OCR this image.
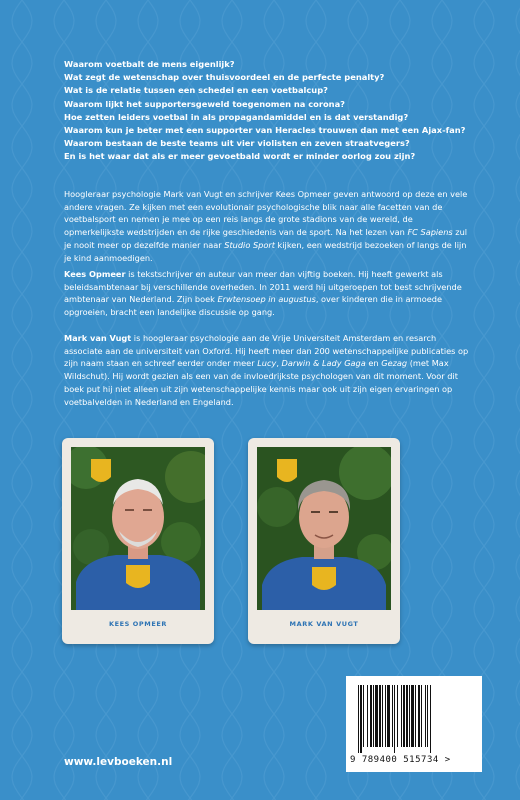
Waarom voetbalt de mens eigenlijk?
Wat zegt de wetenschap over thuisvoordeel en de perfecte penalty?
Wat is de relatie tussen een schedel en een voetbalcup?
Waarom lijkt het supportersgeweld toegenomen na corona?
Hoe zetten leiders voetbal in als propagandamiddel en is dat verstandig?
Waarom kun je beter met een supporter van Heracles trouwen dan met een Ajax-fan?
Waarom bestaan de beste teams uit vier violisten en zeven straatvegers?
En is het waar dat als er meer gevoetbald wordt er minder oorlog zou zijn?

Hoogleraar psychologie Mark van Vugt en schrijver Kees Opmeer geven antwoord op deze en vele andere vragen. Ze kijken met een evolutionair psychologische blik naar alle facetten van de voetbalsport en nemen je mee op een reis langs de grote stadions van de wereld, de opmerkelijkste wedstrijden en de rijke geschiedenis van de sport. Na het lezen van FC Sapiens zul je nooit meer op dezelfde manier naar Studio Sport kijken, een wedstrijd bezoeken of langs de lijn je kind aanmoedigen.

Kees Opmeer is tekstschrijver en auteur van meer dan vijftig boeken. Hij heeft gewerkt als beleidsambtenaar bij verschillende overheden. In 2011 werd hij uitgeroepen tot best schrijvende ambtenaar van Nederland. Zijn boek Erwtensoep in augustus, over kinderen die in armoede opgroeien, bracht een landelijke discussie op gang.

Mark van Vugt is hoogleraar psychologie aan de Vrije Universiteit Amsterdam en resarch associate aan de universiteit van Oxford. Hij heeft meer dan 200 wetenschappelijke publicaties op zijn naam staan en schreef eerder onder meer Lucy, Darwin & Lady Gaga en Gezag (met Max Wildschut). Hij wordt gezien als een van de invloedrijkste psychologen van dit moment. Voor dit boek put hij niet alleen uit zijn wetenschappelijke kennis maar ook uit zijn eigen ervaringen op voetbalvelden in Nederland en Engeland.

KEES OPMEER	MARK VAN VUGT
9 789400 515734 >
www.levboeken.nl
